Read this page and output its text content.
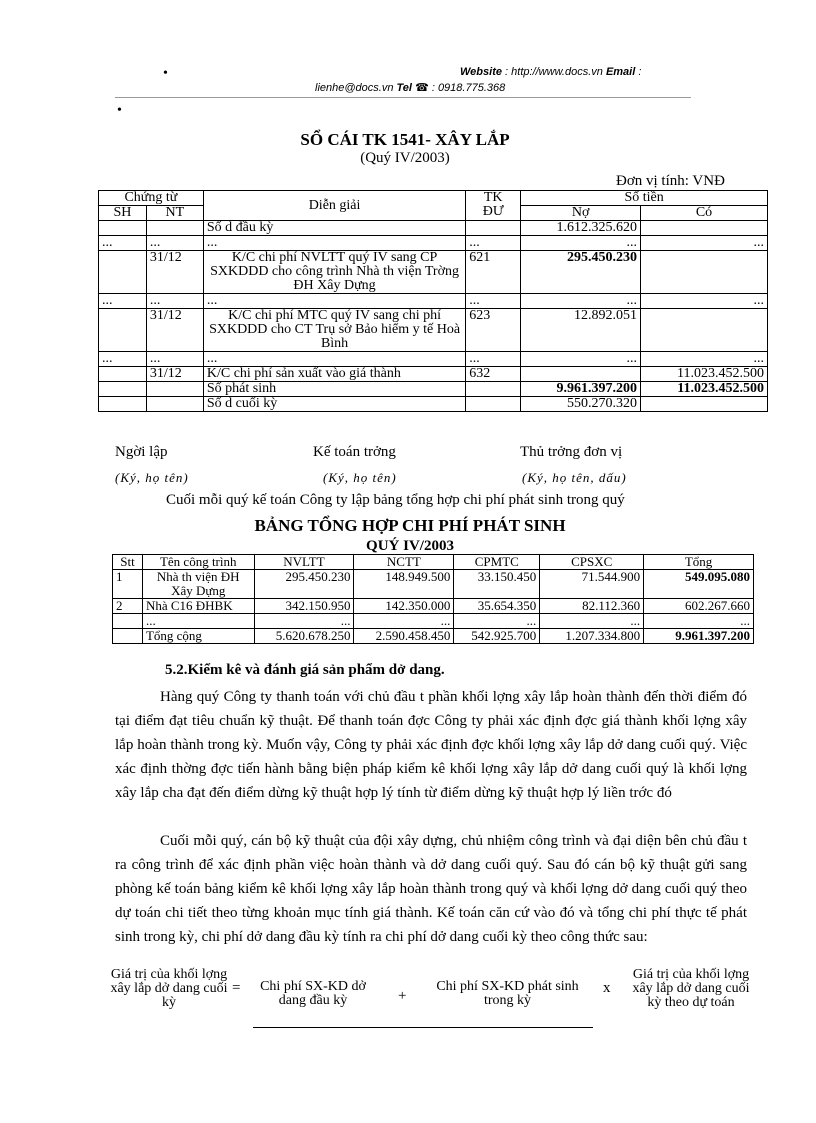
•	Website : http://www.docs.vn Email :
lienhe@docs.vn Tel ☎ : 0918.775.368
•
SỔ CÁI TK 1541- XÂY LẮP
(Quý IV/2003)
Đơn vị tính: VNĐ
Chứng từ		Diễn giải	TK
ĐƯ	Số tiền	
SH	NT			Nợ	Có
		Số d đầu kỳ		1.612.325.620	
...	...	...	...	...	...
	31/12	K/C chi phí NVLTT quý IV sang CP SXKDDD cho công trình Nhà th viện Trờng ĐH Xây Dựng	621	295.450.230	
...	...	...	...	...	...
	31/12	K/C chi phí MTC quý IV sang chi phí SXKDDD cho CT Trụ sở Bảo hiểm y tế Hoà Bình	623	12.892.051	
...	...	...	...	...	...
	31/12	K/C chi phí sản xuất vào giá thành	632		11.023.452.500
		Số phát sinh		9.961.397.200	11.023.452.500
		Số d cuối kỳ		550.270.320	
Ngời lập	Kế toán trởng	Thủ trởng đơn vị
(Ký, họ tên)	(Ký, họ tên)	(Ký, họ tên, dấu)
Cuối mỗi quý kế toán Công ty lập bảng tổng hợp chi phí phát sinh trong quý
BẢNG TỔNG HỢP CHI PHÍ PHÁT SINH
QUÝ IV/2003
Stt	Tên công trình	NVLTT	NCTT	CPMTC	CPSXC	Tổng
1	Nhà th viện ĐH Xây Dựng	295.450.230	148.949.500	33.150.450	71.544.900	549.095.080
2	Nhà C16 ĐHBK	342.150.950	142.350.000	35.654.350	82.112.360	602.267.660
	...	...	...	...	...	...
	Tổng cộng	5.620.678.250	2.590.458.450	542.925.700	1.207.334.800	9.961.397.200
5.2.Kiểm kê và đánh giá sản phẩm dở dang.
Hàng quý Công ty thanh toán với chủ đầu t phần khối lợng xây lắp hoàn thành đến thời điểm đó tại điểm đạt tiêu chuẩn kỹ thuật. Để thanh toán đợc Công ty phải xác định đợc giá thành khối lợng xây lắp hoàn thành trong kỳ. Muốn vậy, Công ty phải xác định đợc khối lợng xây lắp dở dang cuối quý. Việc xác định thờng đợc tiến hành bằng biện pháp kiểm kê khối lợng xây lắp dở dang cuối quý là khối lợng xây lắp cha đạt đến điểm dừng kỹ thuật hợp lý tính từ điểm dừng kỹ thuật hợp lý liền trớc đó
Cuối mỗi quý, cán bộ kỹ thuật của đội xây dựng, chủ nhiệm công trình và đại diện bên chủ đầu t ra công trình để xác định phần việc hoàn thành và dở dang cuối quý. Sau đó cán bộ kỹ thuật gửi sang phòng kế toán bảng kiểm kê khối lợng xây lắp hoàn thành trong quý và khối lợng dở dang cuối quý theo dự toán chi tiết theo từng khoản mục tính giá thành. Kế toán căn cứ vào đó và tổng chi phí thực tế phát sinh trong kỳ, chi phí dở dang đầu kỳ tính ra chi phí dở dang cuối kỳ theo công thức sau:
Giá trị của khối lợng xây lắp dở dang cuối kỳ
=	Chi phí SX-KD dở dang đầu kỳ	+
Chi phí SX-KD phát sinh trong kỳ
x
Giá trị của khối lợng xây lắp dở dang cuối kỳ theo dự toán
